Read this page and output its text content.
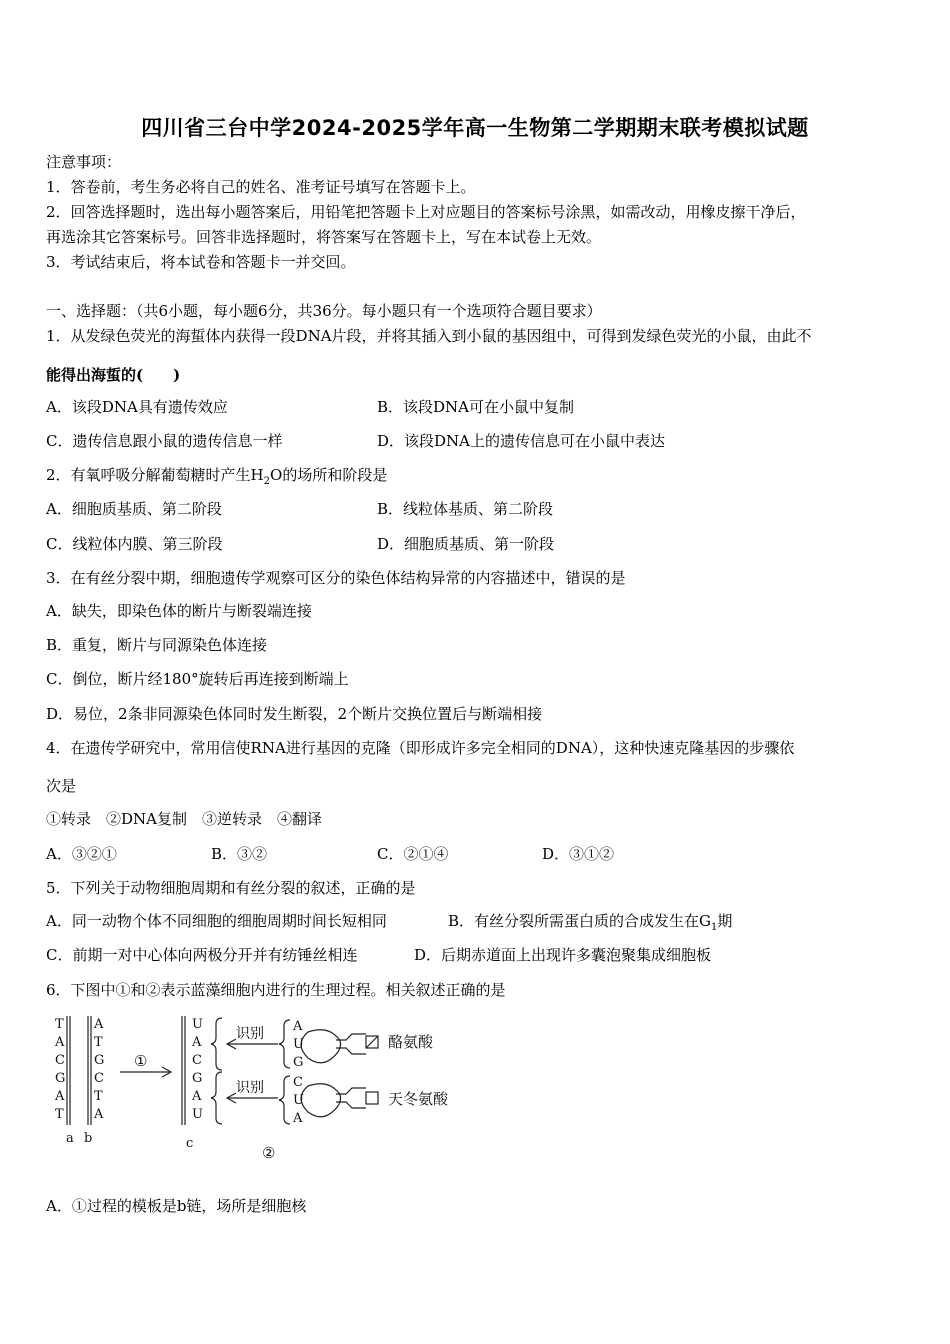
四川省三台中学2024-2025学年高一生物第二学期期末联考模拟试题
注意事项：
1．答卷前，考生务必将自己的姓名、准考证号填写在答题卡上。
2．回答选择题时，选出每小题答案后，用铅笔把答题卡上对应题目的答案标号涂黑，如需改动，用橡皮擦干净后，
再选涂其它答案标号。回答非选择题时，将答案写在答题卡上，写在本试卷上无效。
3．考试结束后，将本试卷和答题卡一并交回。
一、选择题：（共6小题，每小题6分，共36分。每小题只有一个选项符合题目要求）
1．从发绿色荧光的海蜇体内获得一段DNA片段，并将其插入到小鼠的基因组中，可得到发绿色荧光的小鼠，由此不
能得出海蜇的(　　)
A．该段DNA具有遗传效应	B．该段DNA可在小鼠中复制
C．遗传信息跟小鼠的遗传信息一样	D．该段DNA上的遗传信息可在小鼠中表达
2．有氧呼吸分解葡萄糖时产生$H_2O$的场所和阶段是
A．细胞质基质、第二阶段	B．线粒体基质、第二阶段
C．线粒体内膜、第三阶段	D．细胞质基质、第一阶段
3．在有丝分裂中期，细胞遗传学观察可区分的染色体结构异常的内容描述中，错误的是
A．缺失，即染色体的断片与断裂端连接
B．重复，断片与同源染色体连接
C．倒位，断片经180°旋转后再连接到断端上
D．易位，2条非同源染色体同时发生断裂，2个断片交换位置后与断端相接
4．在遗传学研究中，常用信使RNA进行基因的克隆（即形成许多完全相同的DNA），这种快速克隆基因的步骤依
次是
①转录　②DNA复制　③逆转录　④翻译
A．③②①	B．③②	C．②①④	D．③①②
5．下列关于动物细胞周期和有丝分裂的叙述，正确的是
A．同一动物个体不同细胞的细胞周期时间长短相同	B．有丝分裂所需蛋白质的合成发生在$G_1$期
C．前期一对中心体向两极分开并有纺锤丝相连	D．后期赤道面上出现许多囊泡聚集成细胞板
6．下图中①和②表示蓝藻细胞内进行的生理过程。相关叙述正确的是
T
A
C
G
A
T
A
T
G
C
T
A
U
A
C
G
A
U
A
U
G
C
U
A
a b	c
①
②
识别
识别
酪氨酸
天冬氨酸
A．①过程的模板是b链，场所是细胞核
